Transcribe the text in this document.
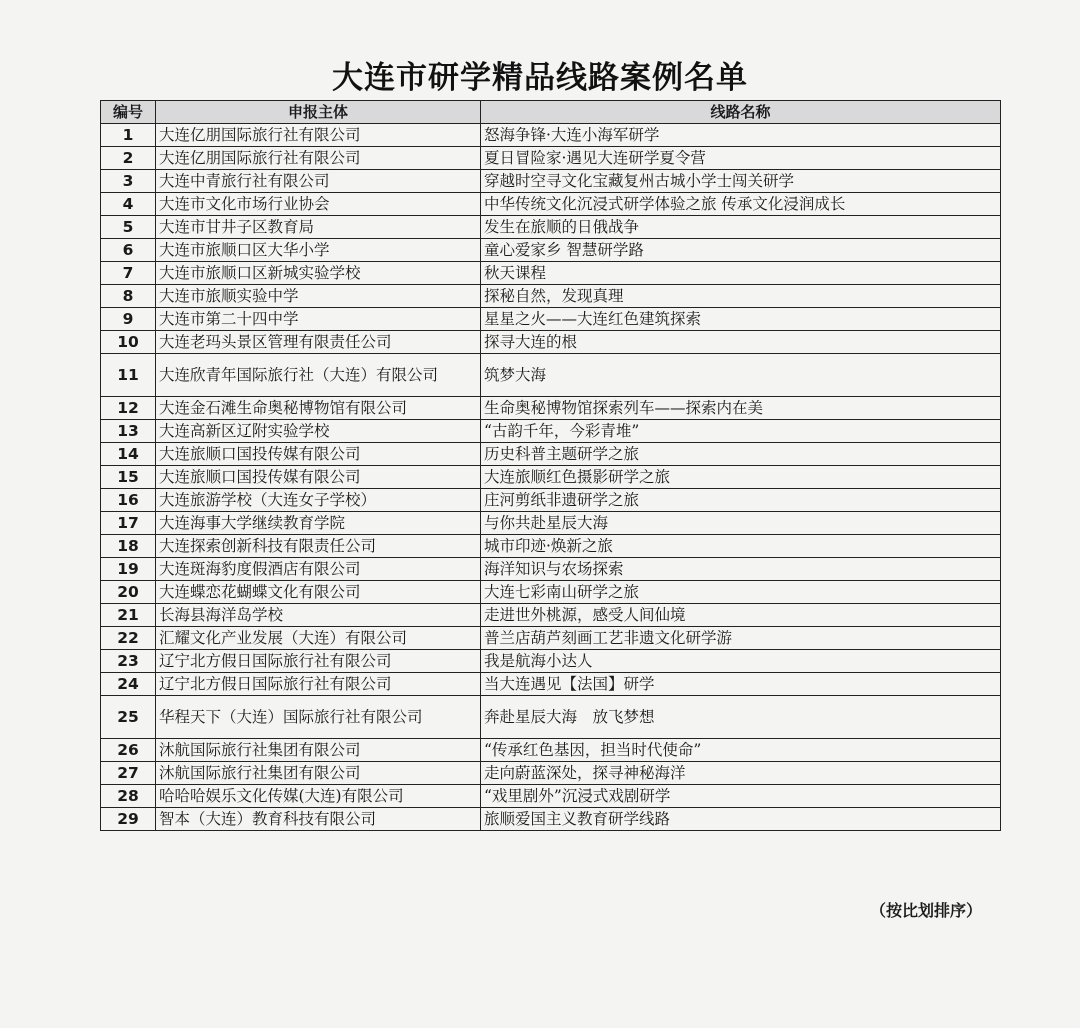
大连市研学精品线路案例名单
编号	申报主体	线路名称
1	大连亿朋国际旅行社有限公司	怒海争锋·大连小海军研学
2	大连亿朋国际旅行社有限公司	夏日冒险家·遇见大连研学夏令营
3	大连中青旅行社有限公司	穿越时空寻文化宝藏复州古城小学士闯关研学
4	大连市文化市场行业协会	中华传统文化沉浸式研学体验之旅 传承文化浸润成长
5	大连市甘井子区教育局	发生在旅顺的日俄战争
6	大连市旅顺口区大华小学	童心爱家乡 智慧研学路
7	大连市旅顺口区新城实验学校	秋天课程
8	大连市旅顺实验中学	探秘自然，发现真理
9	大连市第二十四中学	星星之火——大连红色建筑探索
10	大连老玛头景区管理有限责任公司	探寻大连的根
11	大连欣青年国际旅行社（大连）有限公司	筑梦大海
12	大连金石滩生命奥秘博物馆有限公司	生命奥秘博物馆探索列车——探索内在美
13	大连高新区辽附实验学校	“古韵千年，今彩青堆”
14	大连旅顺口国投传媒有限公司	历史科普主题研学之旅
15	大连旅顺口国投传媒有限公司	大连旅顺红色摄影研学之旅
16	大连旅游学校（大连女子学校）	庄河剪纸非遗研学之旅
17	大连海事大学继续教育学院	与你共赴星辰大海
18	大连探索创新科技有限责任公司	城市印迹·焕新之旅
19	大连斑海豹度假酒店有限公司	海洋知识与农场探索
20	大连蝶恋花蝴蝶文化有限公司	大连七彩南山研学之旅
21	长海县海洋岛学校	走进世外桃源，感受人间仙境
22	汇耀文化产业发展（大连）有限公司	普兰店葫芦刻画工艺非遗文化研学游
23	辽宁北方假日国际旅行社有限公司	我是航海小达人
24	辽宁北方假日国际旅行社有限公司	当大连遇见【法国】研学
25	华程天下（大连）国际旅行社有限公司	奔赴星辰大海　放飞梦想
26	沐航国际旅行社集团有限公司	“传承红色基因，担当时代使命”
27	沐航国际旅行社集团有限公司	走向蔚蓝深处，探寻神秘海洋
28	哈哈哈娱乐文化传媒(大连)有限公司	“戏里剧外”沉浸式戏剧研学
29	智本（大连）教育科技有限公司	旅顺爱国主义教育研学线路
（按比划排序）
